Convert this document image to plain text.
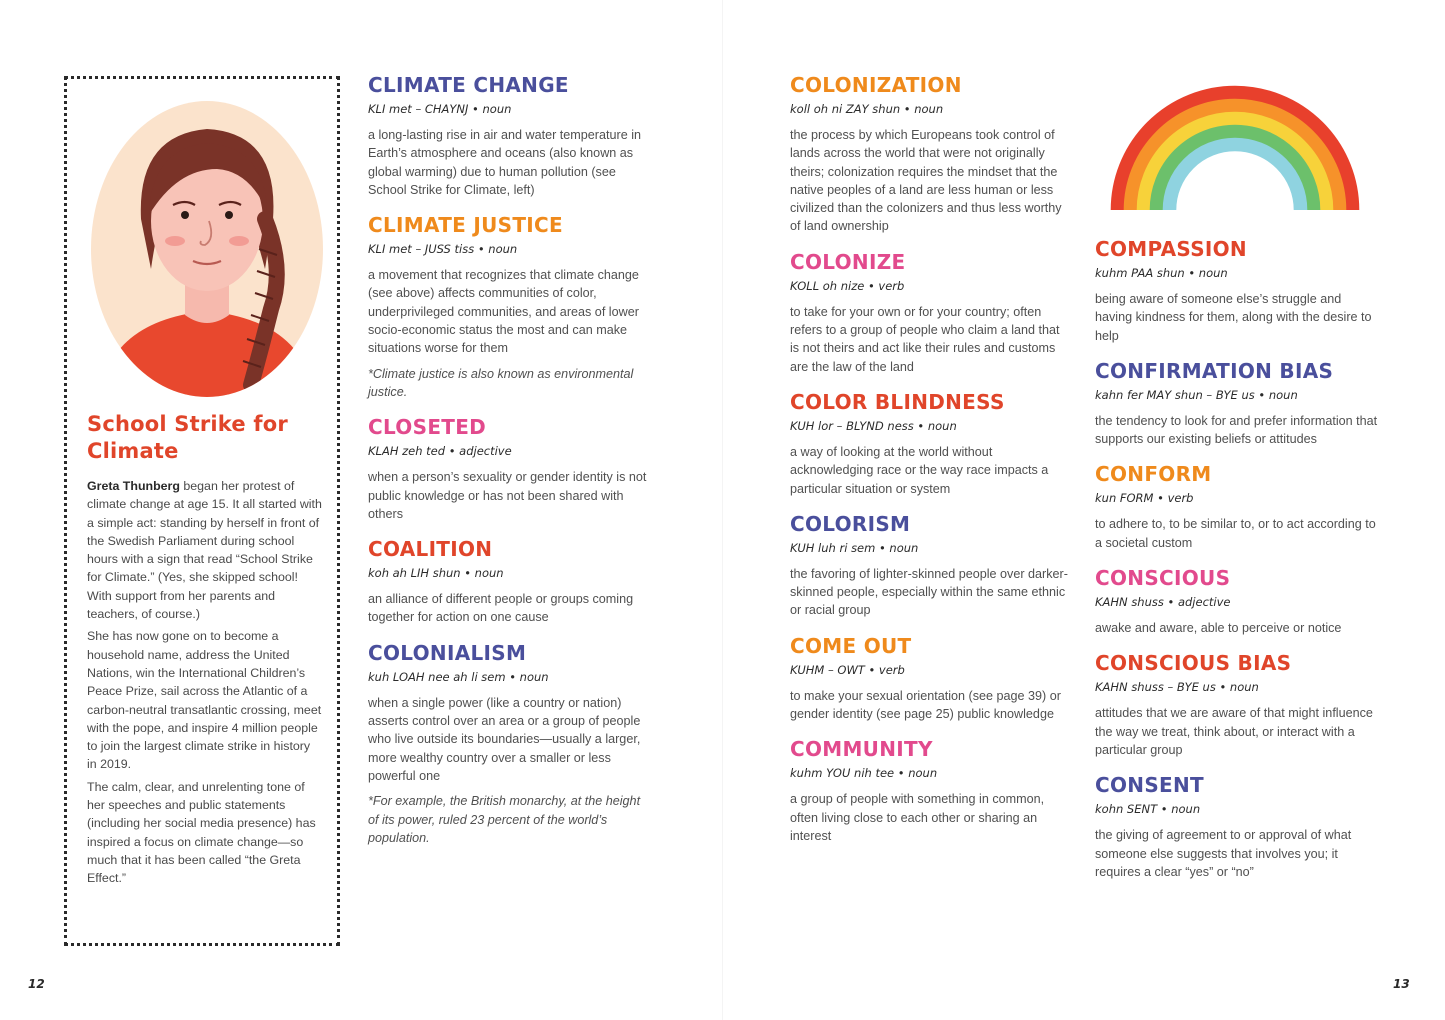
School Strike for Climate

Greta Thunberg began her protest of climate change at age 15. It all started with a simple act: standing by herself in front of the Swedish Parliament during school hours with a sign that read “School Strike for Climate.” (Yes, she skipped school! With support from her parents and teachers, of course.)

She has now gone on to become a household name, address the United Nations, win the International Children’s Peace Prize, sail across the Atlantic of a carbon-neutral transatlantic crossing, meet with the pope, and inspire 4 million people to join the largest climate strike in history in 2019.

The calm, clear, and unrelenting tone of her speeches and public statements (including her social media presence) has inspired a focus on climate change—so much that it has been called “the Greta Effect.”

CLIMATE CHANGE
KLI met – CHAYNJ • noun

a long-lasting rise in air and water temperature in Earth’s atmosphere and oceans (also known as global warming) due to human pollution (see School Strike for Climate, left)

CLIMATE JUSTICE
KLI met – JUSS tiss • noun

a movement that recognizes that climate change (see above) affects communities of color, underprivileged communities, and areas of lower socio-economic status the most and can make situations worse for them

*Climate justice is also known as environmental justice.

CLOSETED
KLAH zeh ted • adjective

when a person’s sexuality or gender identity is not public knowledge or has not been shared with others

COALITION
koh ah LIH shun • noun

an alliance of different people or groups coming together for action on one cause

COLONIALISM
kuh LOAH nee ah li sem • noun

when a single power (like a country or nation) asserts control over an area or a group of people who live outside its boundaries—usually a larger, more wealthy country over a smaller or less powerful one

*For example, the British monarchy, at the height of its power, ruled 23 percent of the world’s population.

COLONIZATION
koll oh ni ZAY shun • noun

the process by which Europeans took control of lands across the world that were not originally theirs; colonization requires the mindset that the native peoples of a land are less human or less civilized than the colonizers and thus less worthy of land ownership

COLONIZE
KOLL oh nize • verb

to take for your own or for your country; often refers to a group of people who claim a land that is not theirs and act like their rules and customs are the law of the land

COLOR BLINDNESS
KUH lor – BLYND ness • noun

a way of looking at the world without acknowledging race or the way race impacts a particular situation or system

COLORISM
KUH luh ri sem • noun

the favoring of lighter-skinned people over darker-skinned people, especially within the same ethnic or racial group

COME OUT
KUHM – OWT • verb

to make your sexual orientation (see page 39) or gender identity (see page 25) public knowledge

COMMUNITY
kuhm YOU nih tee • noun

a group of people with something in common, often living close to each other or sharing an interest

COMPASSION
kuhm PAA shun • noun

being aware of someone else’s struggle and having kindness for them, along with the desire to help

CONFIRMATION BIAS
kahn fer MAY shun – BYE us • noun

the tendency to look for and prefer information that supports our existing beliefs or attitudes

CONFORM
kun FORM • verb

to adhere to, to be similar to, or to act according to a societal custom

CONSCIOUS
KAHN shuss • adjective

awake and aware, able to perceive or notice

CONSCIOUS BIAS
KAHN shuss – BYE us • noun

attitudes that we are aware of that might influence the way we treat, think about, or interact with a particular group

CONSENT
kohn SENT • noun

the giving of agreement to or approval of what someone else suggests that involves you; it requires a clear “yes” or “no”

12	13
